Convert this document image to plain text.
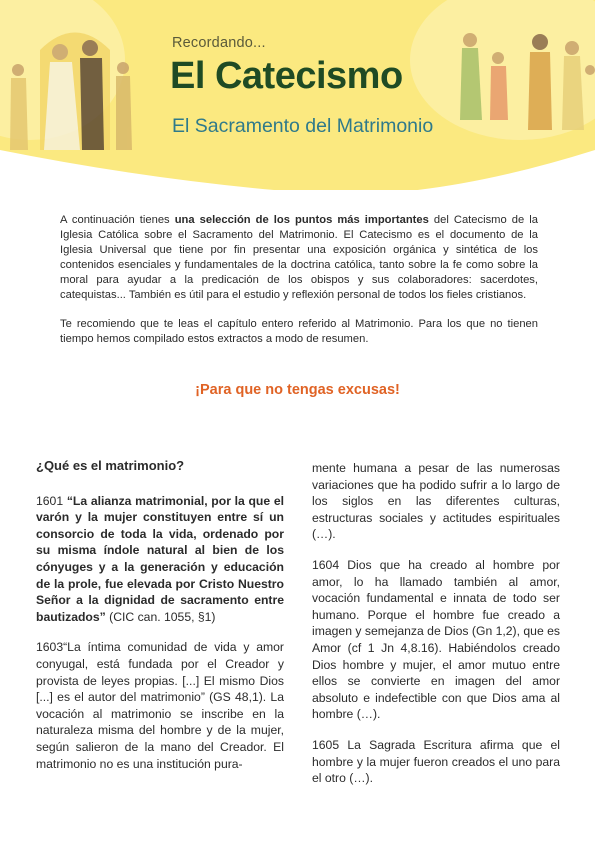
Recordando...
El Catecismo
El Sacramento del Matrimonio

A continuación tienes una selección de los puntos más importantes del Catecismo de la Iglesia Católica sobre el Sacramento del Matrimonio. El Catecismo es el documento de la Iglesia Universal que tiene por fin presentar una exposición orgánica y sintética de los contenidos esenciales y fundamentales de la doctrina católica, tanto sobre la fe como sobre la moral para ayudar a la predicación de los obispos y sus colaboradores: sacerdotes, catequistas... También es útil para el estudio y reflexión personal de todos los fieles cristianos.

Te recomiendo que te leas el capítulo entero referido al Matrimonio. Para los que no tienen tiempo hemos compilado estos extractos a modo de resumen.

¡Para que no tengas excusas!

¿Qué es el matrimonio?

1601 “La alianza matrimonial, por la que el varón y la mujer constituyen entre sí un consorcio de toda la vida, ordenado por su misma índole natural al bien de los cónyuges y a la generación y educación de la prole, fue elevada por Cristo Nuestro Señor a la dignidad de sacramento entre bautizados” (CIC can. 1055, §1)

1603“La íntima comunidad de vida y amor conyugal, está fundada por el Creador y provista de leyes propias. [...] El mismo Dios [...] es el autor del matrimonio” (GS 48,1). La vocación al matrimonio se inscribe en la naturaleza misma del hombre y de la mujer, según salieron de la mano del Creador. El matrimonio no es una institución pura-

mente humana a pesar de las numerosas variaciones que ha podido sufrir a lo largo de los siglos en las diferentes culturas, estructuras sociales y actitudes espirituales (…).

1604 Dios que ha creado al hombre por amor, lo ha llamado también al amor, vocación fundamental e innata de todo ser humano. Porque el hombre fue creado a imagen y semejanza de Dios (Gn 1,2), que es Amor (cf 1 Jn 4,8.16). Habiéndolos creado Dios hombre y mujer, el amor mutuo entre ellos se convierte en imagen del amor absoluto e indefectible con que Dios ama al hombre (…).

1605 La Sagrada Escritura afirma que el hombre y la mujer fueron creados el uno para el otro (…).
